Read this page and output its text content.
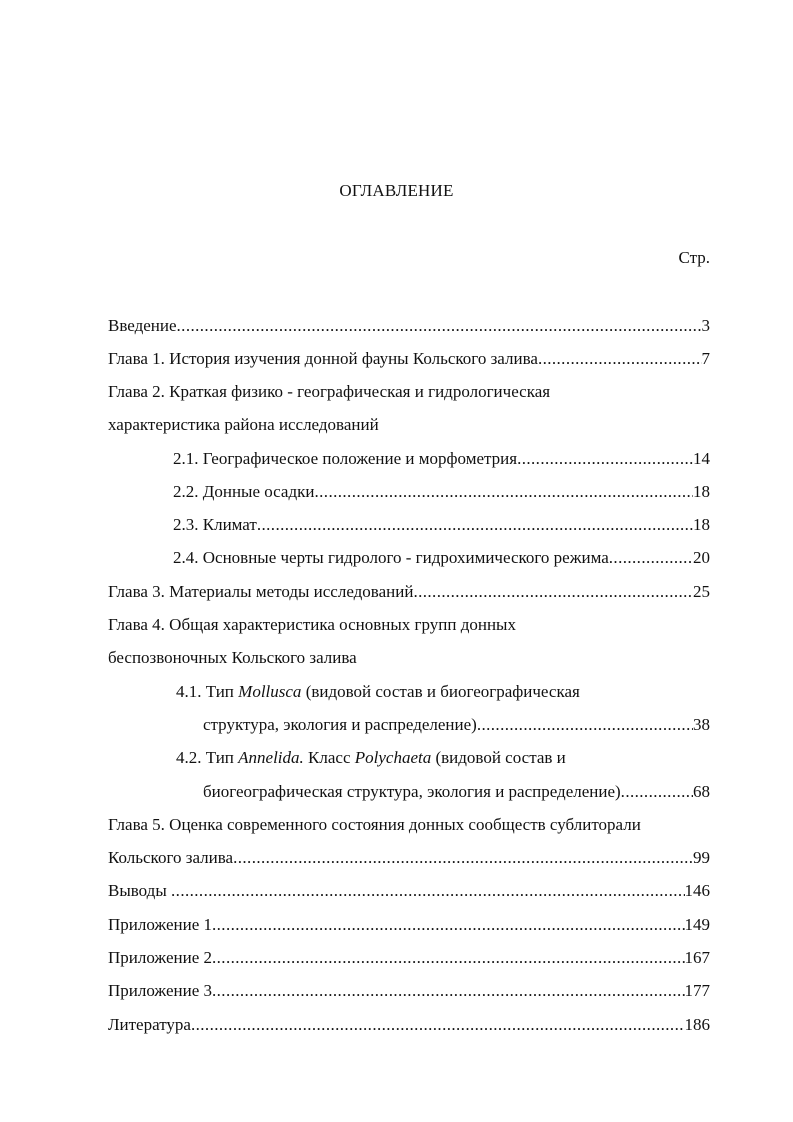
ОГЛАВЛЕНИЕ
Стр.
Введение .....	3
Глава 1. История изучения донной фауны Кольского залива .....	7
Глава 2. Краткая физико - географическая и гидрологическая
характеристика района исследований
2.1. Географическое положение и морфометрия .....	14
2.2. Донные осадки .....	18
2.3. Климат .....	18
2.4. Основные черты гидролого - гидрохимического режима .....	20
Глава 3. Материалы методы исследований .....	25
Глава 4. Общая характеристика основных групп донных
беспозвоночных Кольского залива
4.1. Тип Mollusca (видовой состав и биогеографическая
структура, экология и распределение) .....	38
4.2. Тип Annelida. Класс Polychaeta (видовой состав и
биогеографическая структура, экология и распределение) .....	68
Глава 5. Оценка современного состояния донных сообществ сублиторали
Кольского залива .....	99
Выводы .....	146
Приложение 1 .....	149
Приложение 2 .....	167
Приложение 3 .....	177
Литература .....	186
